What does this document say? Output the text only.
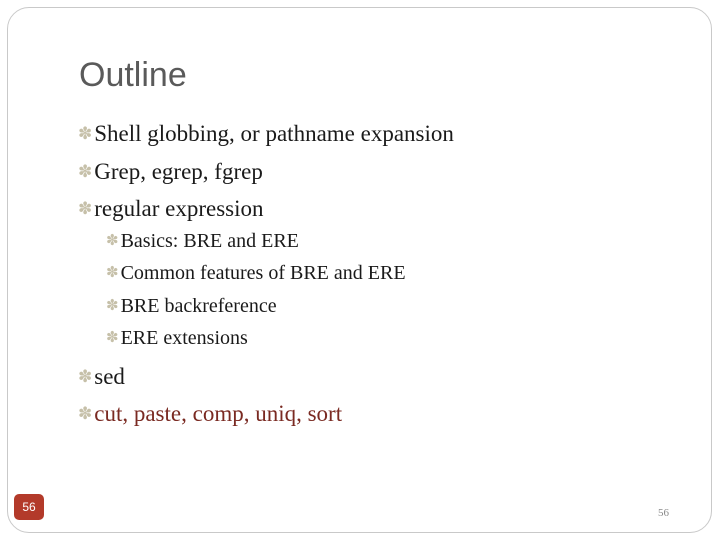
Outline
✽ Shell globbing, or pathname expansion
✽ Grep, egrep, fgrep
✽ regular expression
✽ Basics: BRE and ERE
✽ Common features of BRE and ERE
✽ BRE backreference
✽ ERE extensions
✽ sed
✽ cut, paste, comp, uniq, sort
56	56
